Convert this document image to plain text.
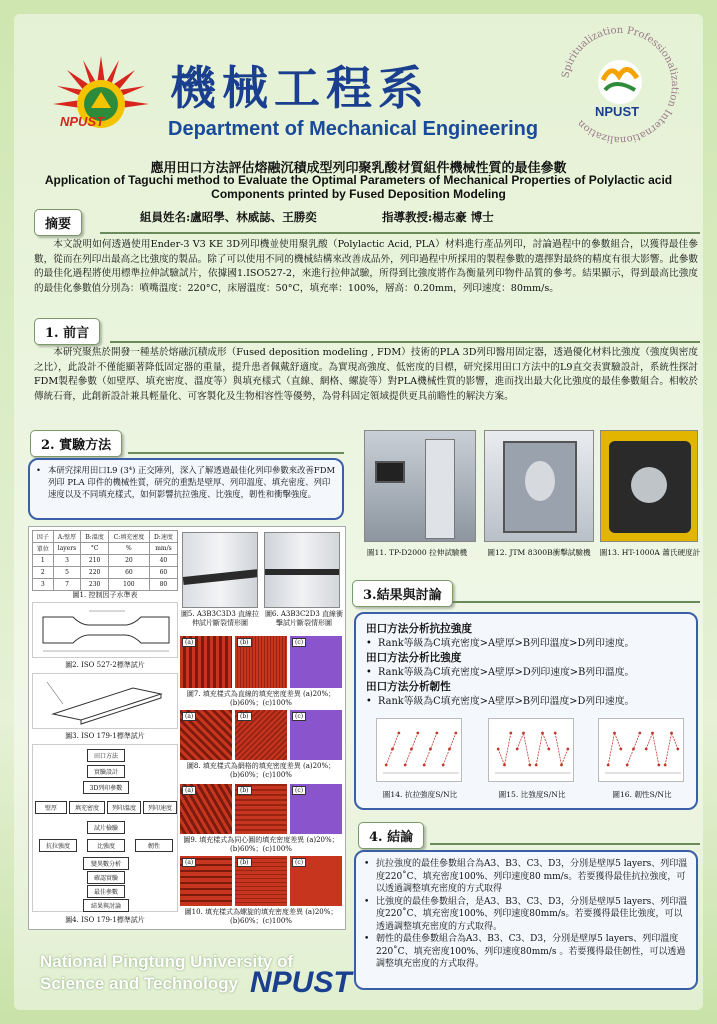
NPUST
機械工程系
Department of Mechanical Engineering
Spiritualization Professionalization Internationalization
NPUST
應用田口方法評估熔融沉積成型列印聚乳酸材質組件機械性質的最佳參數
Application of Taguchi method to Evaluate the Optimal Parameters of Mechanical Properties of Polylactic acid Components printed by Fused Deposition Modeling
組員姓名:盧昭學、林威誌、王勝奕	指導教授:楊志豪 博士
摘要
本文說明如何透過使用Ender-3 V3 KE 3D列印機並使用聚乳酸（Polylactic Acid, PLA）材料進行產品列印，討論過程中的參數組合，以獲得最佳參數，從而在列印出最高之比強度的製品。除了可以使用不同的機械結構來改善成品外，列印過程中所採用的製程參數的選擇對最終的精度有很大影響。此參數的最佳化過程將使用標準拉伸試驗試片，依據國1.ISO527-2，來進行拉伸試驗，所得到比強度將作為衡量列印物件品質的參考。結果顯示，得到最高比強度的最佳化參數值分別為：噴嘴溫度：220°C，床層溫度：50°C，填充率：100%，層高：0.20mm，列印速度：80mm/s。
1. 前言
本研究聚焦於開發一種基於熔融沉積成形（Fused deposition modeling , FDM）技術的PLA 3D列印醫用固定器，透過優化材料比強度（強度與密度之比），此設計不僅能顯著降低固定器的重量，提升患者佩戴舒適度。為實現高強度、低密度的目標，研究採用田口方法中的L9直交表實驗設計，系統性探討FDM製程參數（如壁厚、填充密度、溫度等）與填充樣式（直線、網格、螺旋等）對PLA機械性質的影響，進而找出最大化比強度的最佳參數組合。相較於傳統石膏，此創新設計兼具輕量化、可客製化及生物相容性等優勢，為骨科固定領域提供更具前瞻性的解決方案。
2. 實驗方法
• 本研究採用田口L9 (3⁴) 正交陣列，深入了解透過最佳化列印參數來改善FDM列印 PLA 印件的機械性質，研究的重點是壁厚、列印溫度、填充密度、列印速度以及不同填充樣式，如何影響抗拉強度、比強度，韌性和衝擊強度。
因子	A:壁厚	B:溫度	C:填充密度	D:速度
單位	layers	°C	%	mm/s
1	3	210	20	40
2	5	220	60	60
3	7	230	100	80
圖1. 控制因子水準表
圖2. ISO 527-2標準試片
圖3. ISO 179-1標準試片
田口方法
實驗設計
3D列印參數
壁厚	填充密度	列印溫度	列印速度
試片檢驗
抗拉強度	比強度	韌性
變異數分析
確認實驗
最佳參數
結果與討論
圖4. ISO 179-1標準試片
圖5. A3B3C3D3 直線拉伸試片斷裂情形圖
圖6. A3B3C2D3 直線衝擊試片斷裂情形圖
(a)	(b)	(c)
圖7. 填充樣式為直線的填充密度差異 (a)20%；(b)60%；(c)100%
(a)	(b)	(c)
圖8. 填充樣式為網格的填充密度差異 (a)20%；(b)60%；(c)100%
(a)	(b)	(c)
圖9. 填充樣式為同心圓的填充密度差異 (a)20%；(b)60%；(c)100%
(a)	(b)	(c)
圖10. 填充樣式為螺旋的填充密度差異 (a)20%；(b)60%；(c)100%
圖11. TP-D2000 拉伸試驗機	圖12. JTM 8300B衝擊試驗機	圖13. HT-1000A 蕭氏硬度計
3.結果與討論
田口方法分析抗拉強度
• Rank等級為C填充密度>A壁厚>B列印溫度>D列印速度。
田口方法分析比強度
• Rank等級為C填充密度>A壁厚>D列印速度>B列印溫度。
田口方法分析韌性
• Rank等級為C填充密度>A壁厚>B列印溫度>D列印速度。
圖14. 抗拉強度S/N比	圖15. 比強度S/N比	圖16. 韌性S/N比
4. 結論
• 抗拉強度的最佳參數組合為A3、B3、C3、D3，分別是壁厚5 layers、列印溫度220˚C、填充密度100%、列印速度80 mm/s。若要獲得最佳抗拉強度，可以透過調整填充密度的方式取得
• 比強度的最佳參數組合，是A3、B3、C3、D3，分別是壁厚5 layers、列印溫度220˚C、填充密度100%、列印速度80mm/s。若要獲得最佳比強度，可以透過調整填充密度的方式取得。
• 韌性的最佳參數組合為A3、B3、C3、D3，分別是壁厚5 layers、列印溫度220˚C、填充密度100%、列印速度80mm/s 。若要獲得最佳韌性，可以透過調整填充密度的方式取得。
National Pingtung University of
Science and Technology NPUST
